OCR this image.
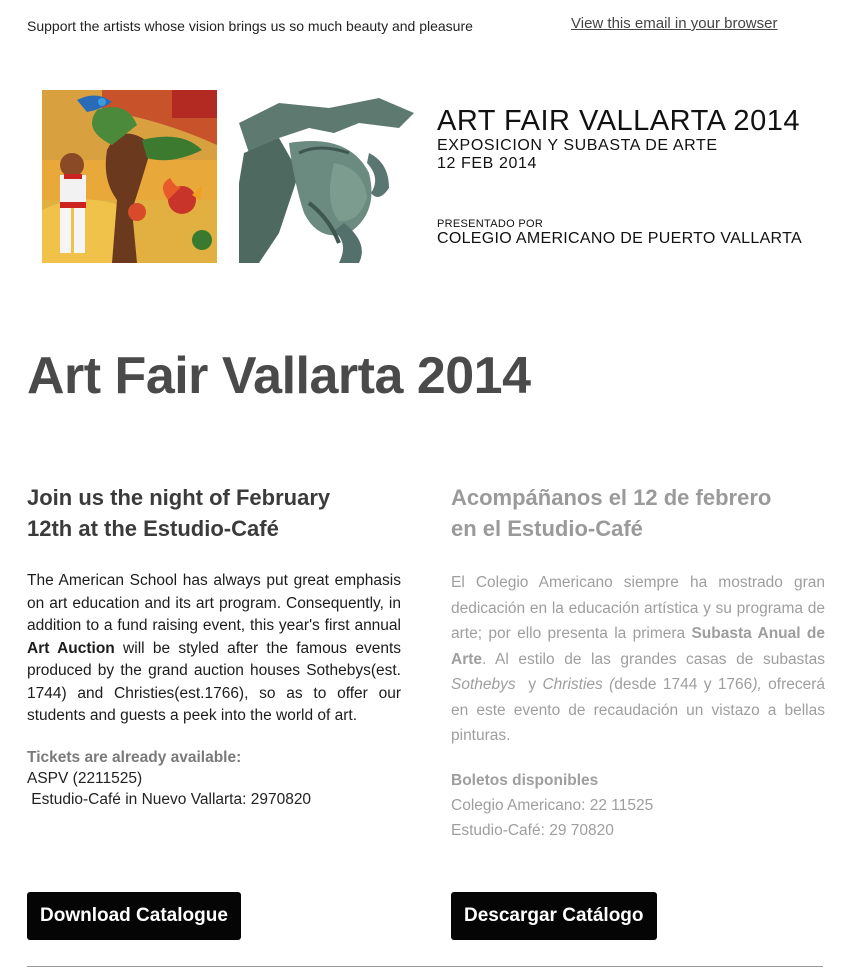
Support the artists whose vision brings us so much beauty and pleasure	View this email in your browser
ART FAIR VALLARTA 2014
EXPOSICION Y SUBASTA DE ARTE
12 FEB 2014
PRESENTADO POR
COLEGIO AMERICANO DE PUERTO VALLARTA
Art Fair Vallarta 2014
Join us the night of February
12th at the Estudio-Café

The American School has always put great emphasis on art education and its art program. Consequently, in addition to a fund raising event, this year's first annual Art Auction will be styled after the famous events produced by the grand auction houses Sothebys(est. 1744) and Christies(est.1766), so as to offer our students and guests a peek into the world of art.

Tickets are already available:
ASPV (2211525)
Estudio-Café in Nuevo Vallarta: 2970820
Acompáñanos el 12 de febrero
en el Estudio-Café

El Colegio Americano siempre ha mostrado gran dedicación en la educación artística y su programa de arte; por ello presenta la primera Subasta Anual de Arte. Al estilo de las grandes casas de subastas Sothebys  y Christies (desde 1744 y 1766), ofrecerá en este evento de recaudación un vistazo a bellas pinturas.

Boletos disponibles
Colegio Americano: 22 11525
Estudio-Café: 29 70820
Download Catalogue	Descargar Catálogo
